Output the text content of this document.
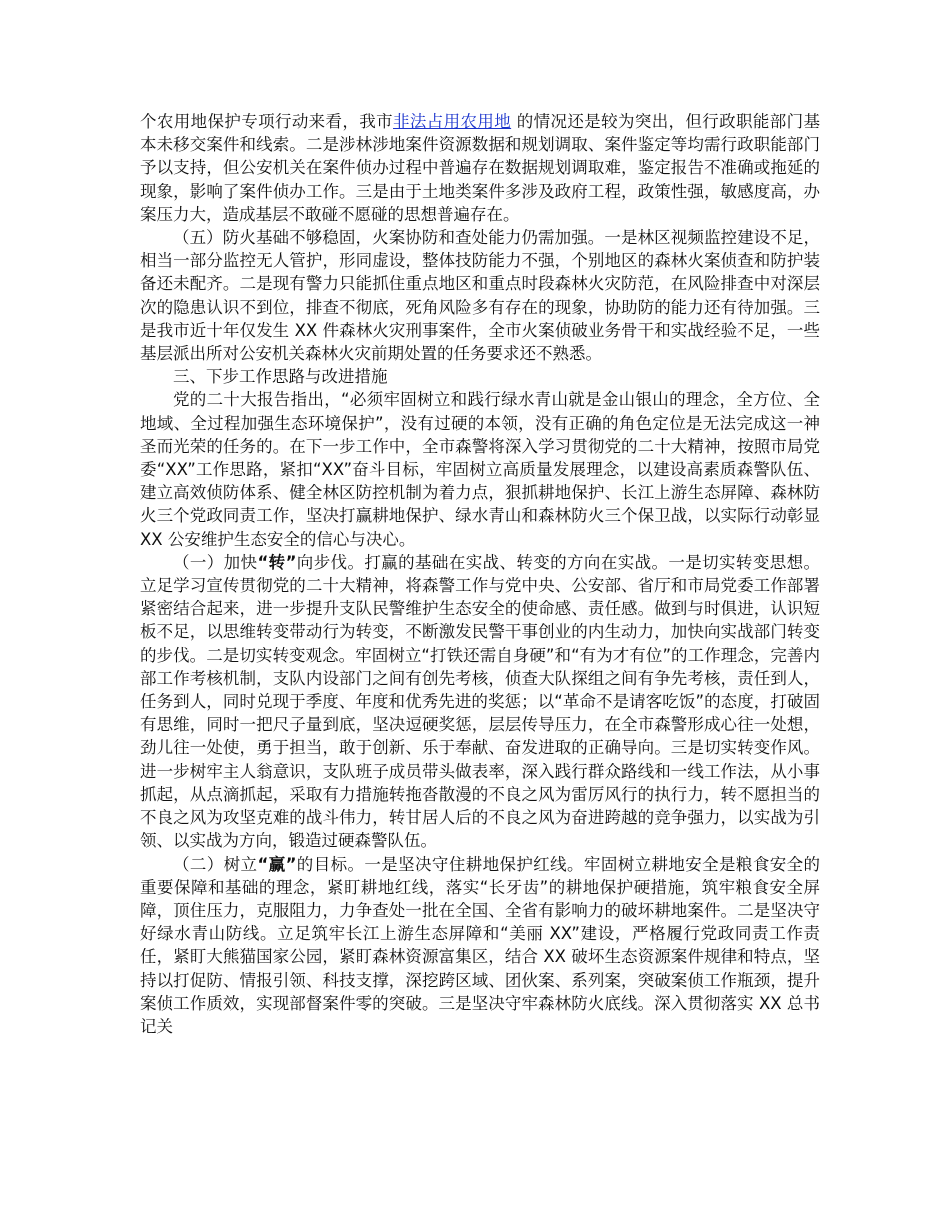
个农用地保护专项行动来看，我市非法占用农用地 的情况还是较为突出，但行政职能部门基本未移交案件和线索。二是涉林涉地案件资源数据和规划调取、案件鉴定等均需行政职能部门予以支持，但公安机关在案件侦办过程中普遍存在数据规划调取难，鉴定报告不准确或拖延的现象，影响了案件侦办工作。三是由于土地类案件多涉及政府工程，政策性强，敏感度高，办案压力大，造成基层不敢碰不愿碰的思想普遍存在。

（五）防火基础不够稳固，火案协防和查处能力仍需加强。一是林区视频监控建设不足，相当一部分监控无人管护，形同虚设，整体技防能力不强，个别地区的森林火案侦查和防护装备还未配齐。二是现有警力只能抓住重点地区和重点时段森林火灾防范，在风险排查中对深层次的隐患认识不到位，排查不彻底，死角风险多有存在的现象，协助防的能力还有待加强。三是我市近十年仅发生 XX 件森林火灾刑事案件，全市火案侦破业务骨干和实战经验不足，一些基层派出所对公安机关森林火灾前期处置的任务要求还不熟悉。

三、下步工作思路与改进措施

党的二十大报告指出，“必须牢固树立和践行绿水青山就是金山银山的理念，全方位、全地域、全过程加强生态环境保护”，没有过硬的本领，没有正确的角色定位是无法完成这一神圣而光荣的任务的。在下一步工作中，全市森警将深入学习贯彻党的二十大精神，按照市局党委“XX”工作思路，紧扣“XX”奋斗目标，牢固树立高质量发展理念，以建设高素质森警队伍、建立高效侦防体系、健全林区防控机制为着力点，狠抓耕地保护、长江上游生态屏障、森林防火三个党政同责工作，坚决打赢耕地保护、绿水青山和森林防火三个保卫战，以实际行动彰显 XX 公安维护生态安全的信心与决心。

（一）加快“转”向步伐。打赢的基础在实战、转变的方向在实战。一是切实转变思想。立足学习宣传贯彻党的二十大精神，将森警工作与党中央、公安部、省厅和市局党委工作部署紧密结合起来，进一步提升支队民警维护生态安全的使命感、责任感。做到与时俱进，认识短板不足，以思维转变带动行为转变，不断激发民警干事创业的内生动力，加快向实战部门转变的步伐。二是切实转变观念。牢固树立“打铁还需自身硬”和“有为才有位”的工作理念，完善内部工作考核机制，支队内设部门之间有创先考核，侦查大队探组之间有争先考核，责任到人，任务到人，同时兑现于季度、年度和优秀先进的奖惩；以“革命不是请客吃饭”的态度，打破固有思维，同时一把尺子量到底，坚决逗硬奖惩，层层传导压力，在全市森警形成心往一处想，劲儿往一处使，勇于担当，敢于创新、乐于奉献、奋发进取的正确导向。三是切实转变作风。进一步树牢主人翁意识，支队班子成员带头做表率，深入践行群众路线和一线工作法，从小事抓起，从点滴抓起，采取有力措施转拖沓散漫的不良之风为雷厉风行的执行力，转不愿担当的不良之风为攻坚克难的战斗伟力，转甘居人后的不良之风为奋进跨越的竞争强力，以实战为引领、以实战为方向，锻造过硬森警队伍。

（二）树立“赢”的目标。一是坚决守住耕地保护红线。牢固树立耕地安全是粮食安全的重要保障和基础的理念，紧盯耕地红线，落实“长牙齿”的耕地保护硬措施，筑牢粮食安全屏障，顶住压力，克服阻力，力争查处一批在全国、全省有影响力的破坏耕地案件。二是坚决守好绿水青山防线。立足筑牢长江上游生态屏障和“美丽 XX”建设，严格履行党政同责工作责任，紧盯大熊猫国家公园，紧盯森林资源富集区，结合 XX 破坏生态资源案件规律和特点，坚持以打促防、情报引领、科技支撑，深挖跨区域、团伙案、系列案，突破案侦工作瓶颈，提升案侦工作质效，实现部督案件零的突破。三是坚决守牢森林防火底线。深入贯彻落实 XX 总书记关
